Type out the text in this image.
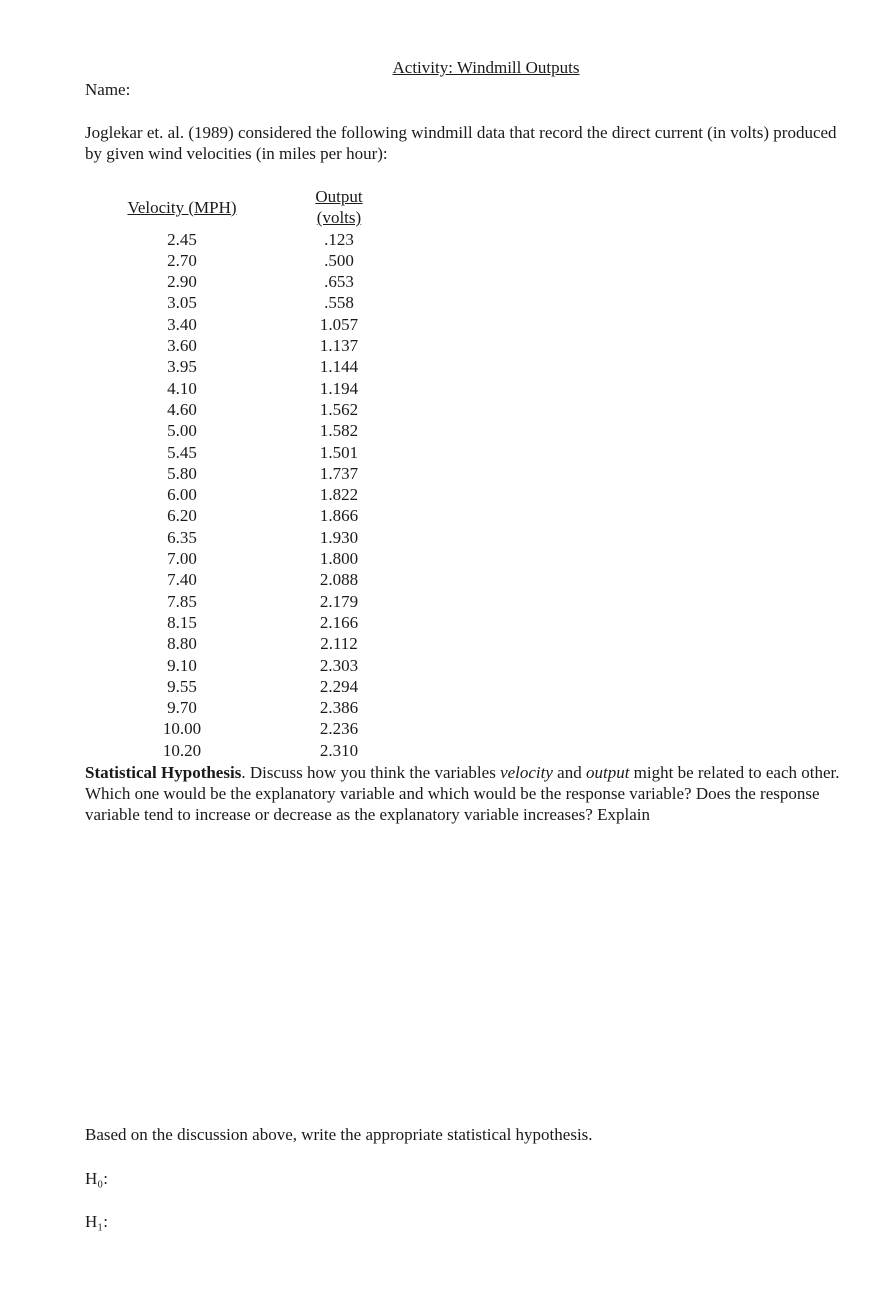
Activity: Windmill Outputs
Name:
Joglekar et. al. (1989) considered the following windmill data that record the direct current (in volts) produced by given wind velocities (in miles per hour):
Velocity (MPH)	Output (volts)
2.45	.123
2.70	.500
2.90	.653
3.05	.558
3.40	1.057
3.60	1.137
3.95	1.144
4.10	1.194
4.60	1.562
5.00	1.582
5.45	1.501
5.80	1.737
6.00	1.822
6.20	1.866
6.35	1.930
7.00	1.800
7.40	2.088
7.85	2.179
8.15	2.166
8.80	2.112
9.10	2.303
9.55	2.294
9.70	2.386
10.00	2.236
10.20	2.310
Statistical Hypothesis. Discuss how you think the variables velocity and output might be related to each other. Which one would be the explanatory variable and which would be the response variable? Does the response variable tend to increase or decrease as the explanatory variable increases? Explain
Based on the discussion above, write the appropriate statistical hypothesis.
H₀:
H₁:
